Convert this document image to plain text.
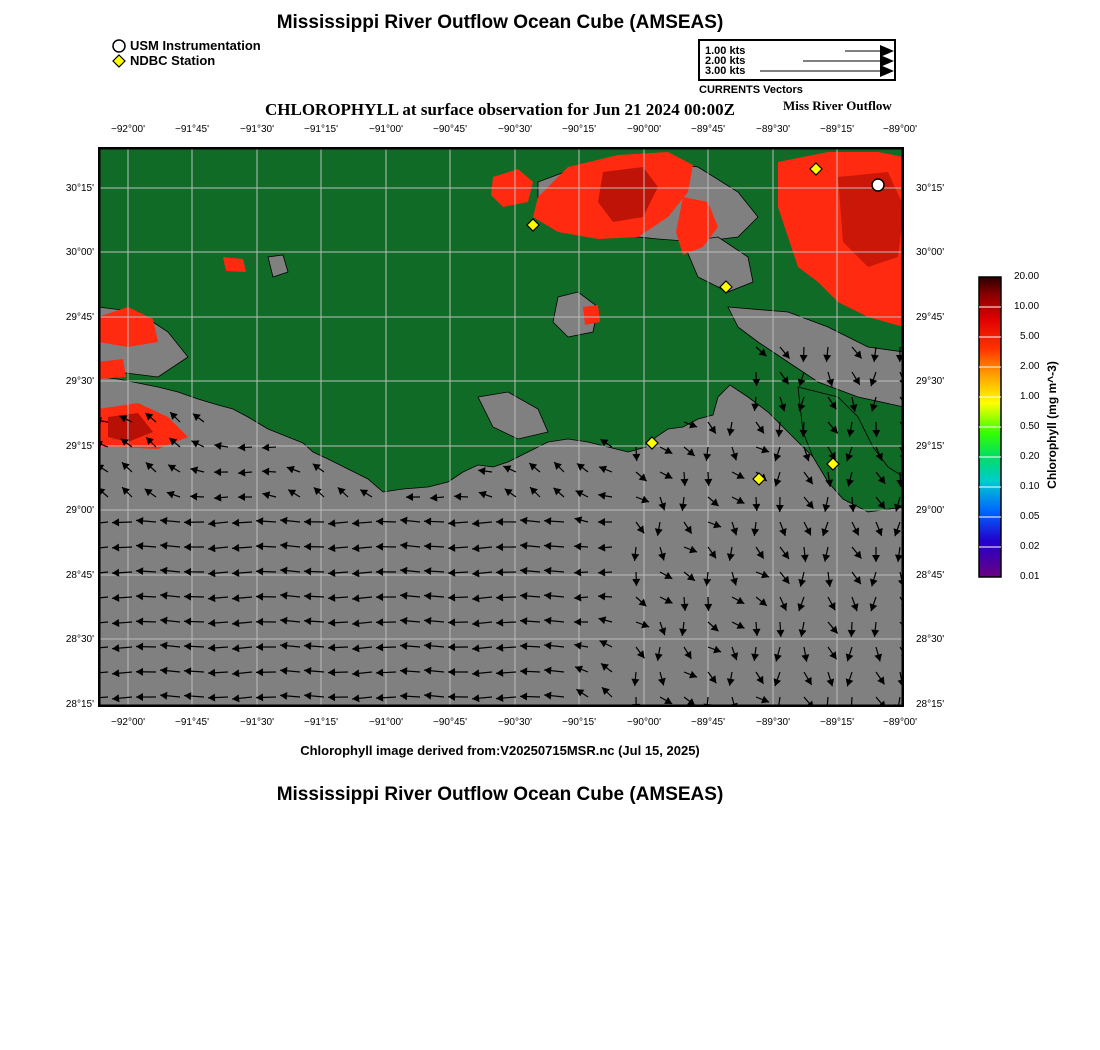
Mississippi River Outflow Ocean Cube (AMSEAS)
USM Instrumentation
NDBC Station
1.00 kts
2.00 kts
3.00 kts
CURRENTS Vectors
CHLOROPHYLL at surface observation for Jun 21 2024 00:00Z	Miss River Outflow
−92°00'	−91°45'	−91°30'	−91°15'	−91°00'	−90°45'	−90°30'	−90°15'	−90°00'	−89°45'	−89°30'	−89°15'	−89°00'
−92°00'	−91°45'	−91°30'	−91°15'	−91°00'	−90°45'	−90°30'	−90°15'	−90°00'	−89°45'	−89°30'	−89°15'	−89°00'
30°15'
30°00'
29°45'
29°30'
29°15'
29°00'
28°45'
28°30'
28°15'
30°15'
30°00'
29°45'
29°30'
29°15'
29°00'
28°45'
28°30'
28°15'
20.00
10.00
5.00
2.00
1.00
0.50
0.20
0.10
0.05
0.02
0.01
Chlorophyll (mg m^-3)
Chlorophyll image derived from:V20250715MSR.nc (Jul 15, 2025)
Mississippi River Outflow Ocean Cube (AMSEAS)
